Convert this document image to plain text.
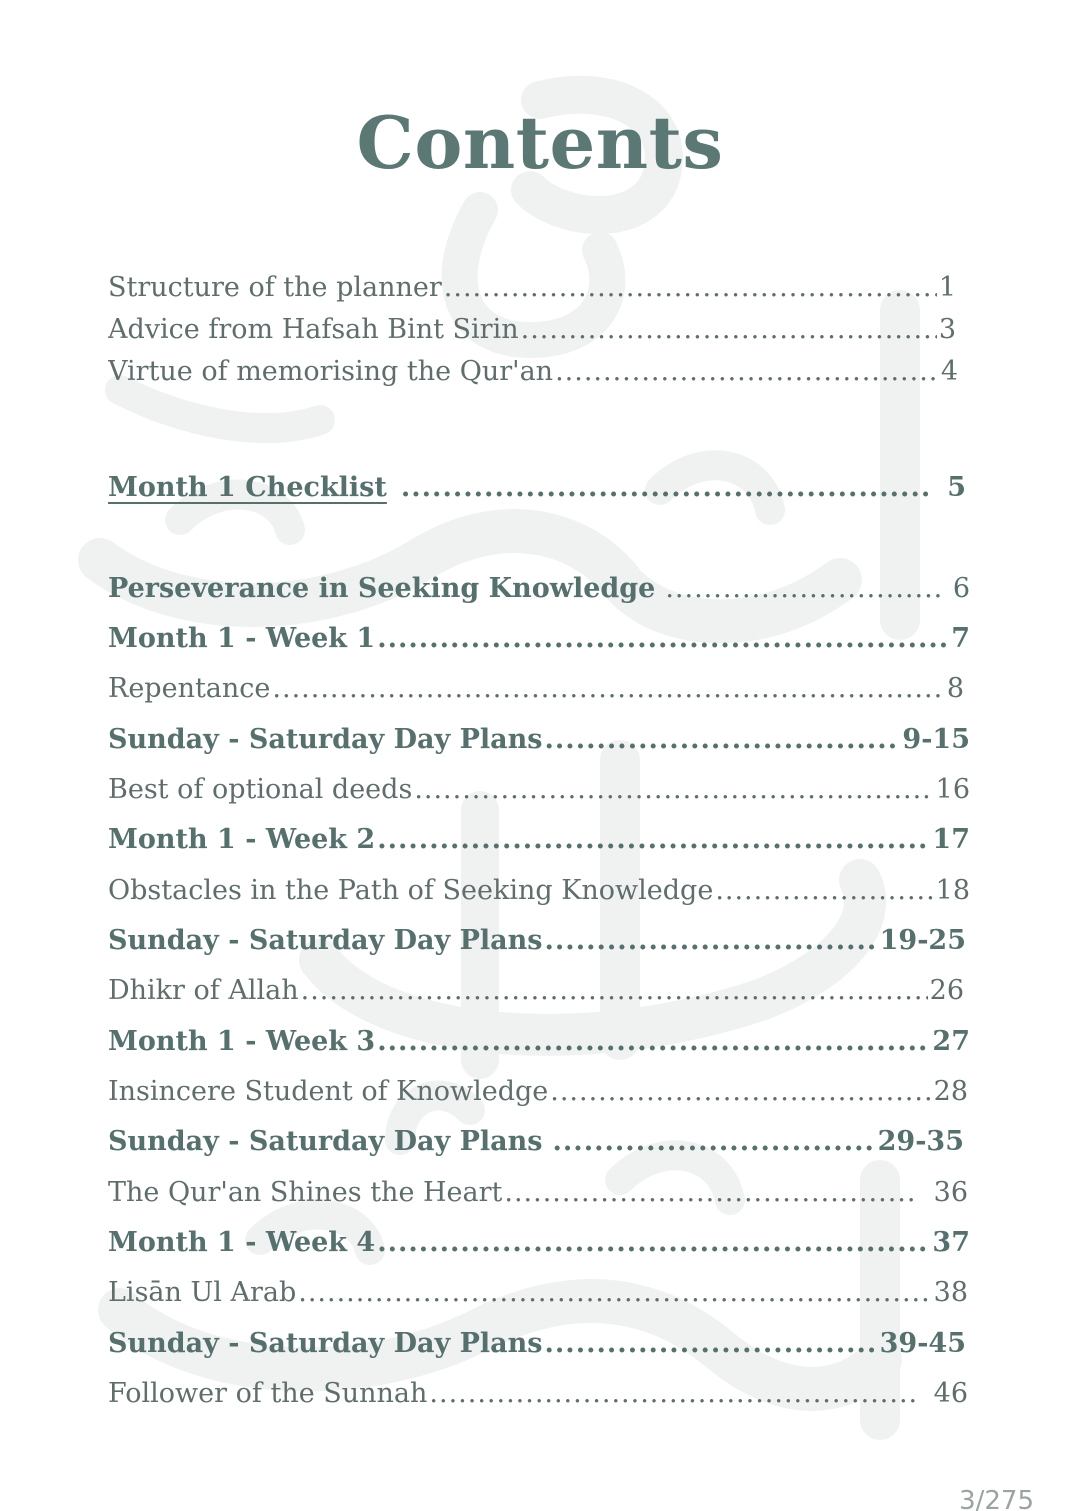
Contents
Structure of the planner .....	1
Advice from Hafsah Bint Sirin .....	3
Virtue of memorising the Qur'an .....	4
Month 1 Checklist .....	5
Perseverance in Seeking Knowledge .....	6
Month 1 - Week 1 .....	7
Repentance .....	8
Sunday - Saturday Day Plans .....	9-15
Best of optional deeds .....	16
Month 1 - Week 2 .....	17
Obstacles in the Path of Seeking Knowledge .....	18
Sunday - Saturday Day Plans .....	19-25
Dhikr of Allah .....	26
Month 1 - Week 3 .....	27
Insincere Student of Knowledge .....	28
Sunday - Saturday Day Plans .....	29-35
The Qur'an Shines the Heart .....	36
Month 1 - Week 4 .....	37
Lisān Ul Arab .....	38
Sunday - Saturday Day Plans .....	39-45
Follower of the Sunnah .....	46
3/275
